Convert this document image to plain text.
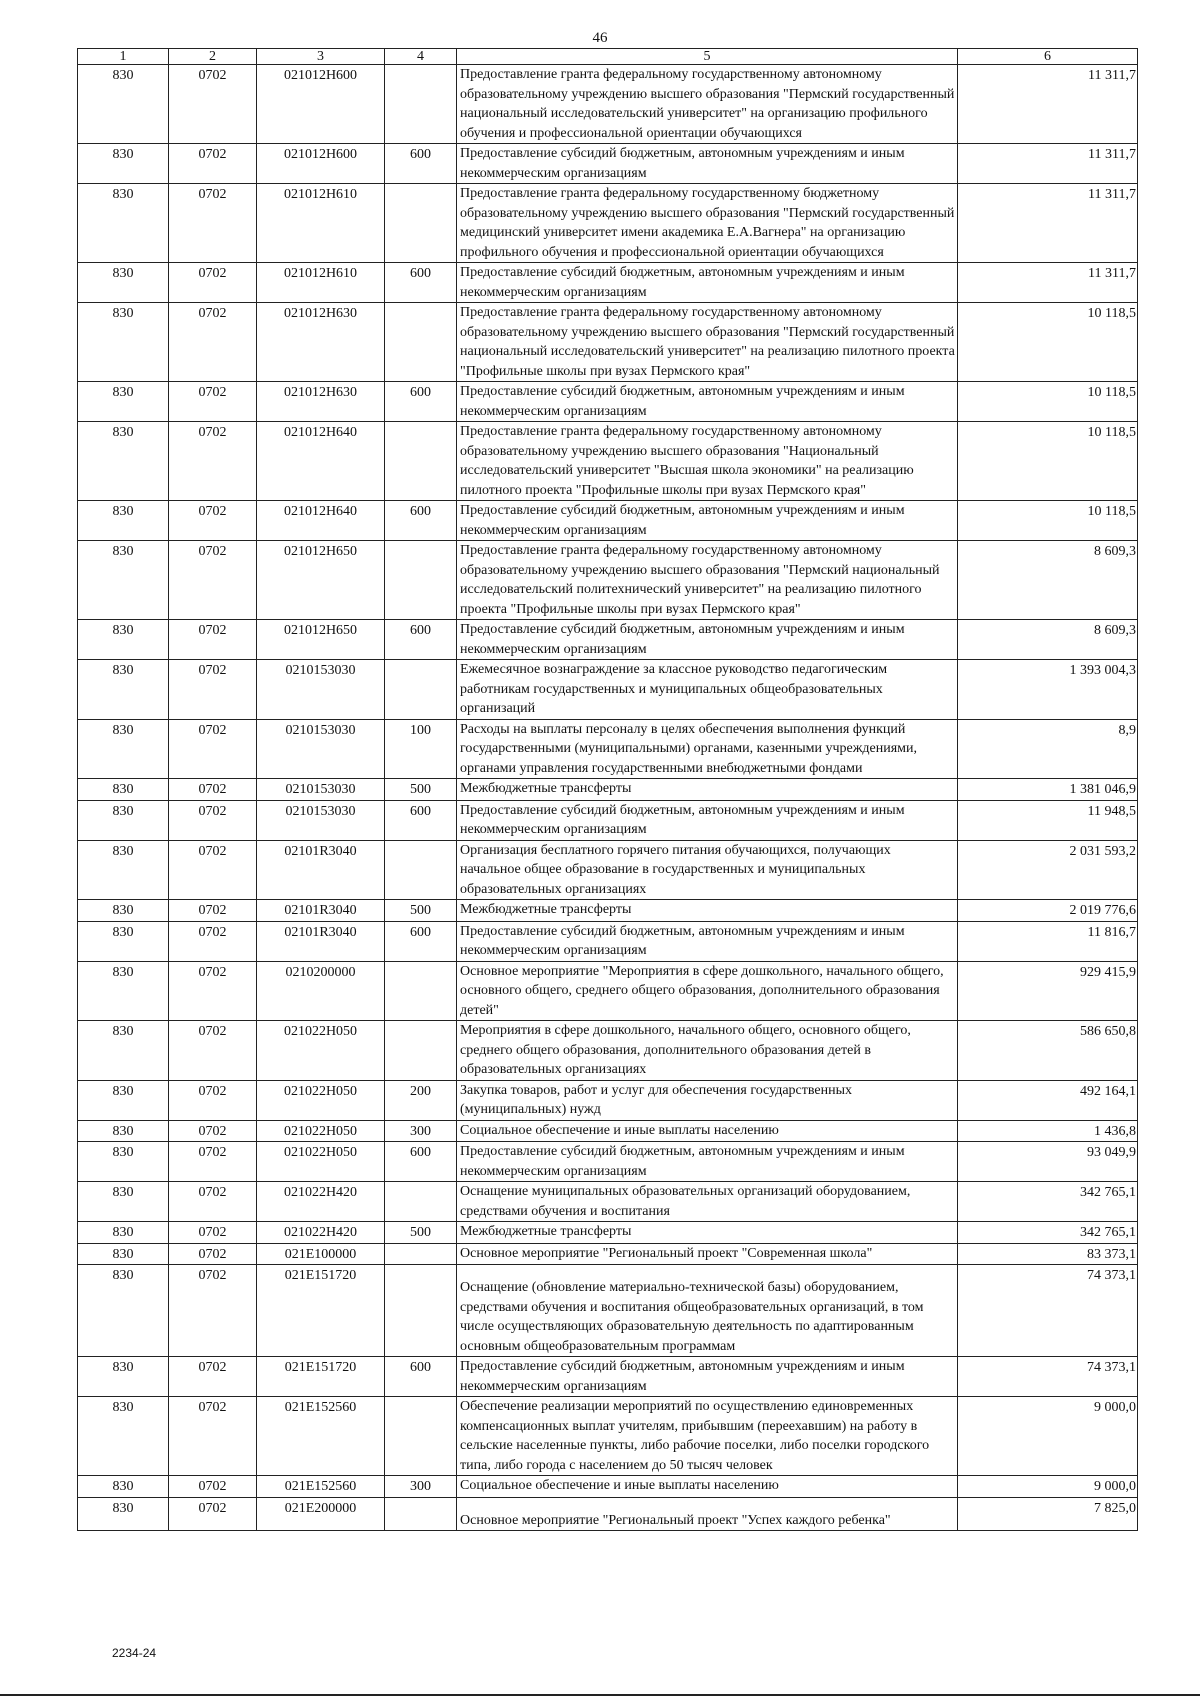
46
1	2	3	4	5	6
830	0702	021012Н600		Предоставление гранта федеральному государственному автономному образовательному учреждению высшего образования "Пермский государственный национальный исследовательский университет" на организацию профильного обучения и профессиональной ориентации обучающихся	11 311,7
830	0702	021012Н600	600	Предоставление субсидий бюджетным, автономным учреждениям и иным некоммерческим организациям	11 311,7
830	0702	021012Н610		Предоставление гранта федеральному государственному бюджетному образовательному учреждению высшего образования "Пермский государственный медицинский университет имени академика Е.А.Вагнера" на организацию профильного обучения и профессиональной ориентации обучающихся	11 311,7
830	0702	021012Н610	600	Предоставление субсидий бюджетным, автономным учреждениям и иным некоммерческим организациям	11 311,7
830	0702	021012Н630		Предоставление гранта федеральному государственному автономному образовательному учреждению высшего образования "Пермский государственный национальный исследовательский университет" на реализацию пилотного проекта "Профильные школы при вузах Пермского края"	10 118,5
830	0702	021012Н630	600	Предоставление субсидий бюджетным, автономным учреждениям и иным некоммерческим организациям	10 118,5
830	0702	021012Н640		Предоставление гранта федеральному государственному автономному образовательному учреждению высшего образования "Национальный исследовательский университет "Высшая школа экономики" на реализацию пилотного проекта "Профильные школы при вузах Пермского края"	10 118,5
830	0702	021012Н640	600	Предоставление субсидий бюджетным, автономным учреждениям и иным некоммерческим организациям	10 118,5
830	0702	021012Н650		Предоставление гранта федеральному государственному автономному образовательному учреждению высшего образования "Пермский национальный исследовательский политехнический университет" на реализацию пилотного проекта "Профильные школы при вузах Пермского края"	8 609,3
830	0702	021012Н650	600	Предоставление субсидий бюджетным, автономным учреждениям и иным некоммерческим организациям	8 609,3
830	0702	0210153030		Ежемесячное вознаграждение за классное руководство педагогическим работникам государственных и муниципальных общеобразовательных организаций	1 393 004,3
830	0702	0210153030	100	Расходы на выплаты персоналу в целях обеспечения выполнения функций государственными (муниципальными) органами, казенными учреждениями, органами управления государственными внебюджетными фондами	8,9
830	0702	0210153030	500	Межбюджетные трансферты	1 381 046,9
830	0702	0210153030	600	Предоставление субсидий бюджетным, автономным учреждениям и иным некоммерческим организациям	11 948,5
830	0702	02101R3040		Организация бесплатного горячего питания обучающихся, получающих начальное общее образование в государственных и муниципальных образовательных организациях	2 031 593,2
830	0702	02101R3040	500	Межбюджетные трансферты	2 019 776,6
830	0702	02101R3040	600	Предоставление субсидий бюджетным, автономным учреждениям и иным некоммерческим организациям	11 816,7
830	0702	0210200000		Основное мероприятие "Мероприятия в сфере дошкольного, начального общего, основного общего, среднего общего образования, дополнительного образования детей"	929 415,9
830	0702	021022Н050		Мероприятия в сфере дошкольного, начального общего, основного общего, среднего общего образования, дополнительного образования детей в образовательных организациях	586 650,8
830	0702	021022Н050	200	Закупка товаров, работ и услуг для обеспечения государственных (муниципальных) нужд	492 164,1
830	0702	021022Н050	300	Социальное обеспечение и иные выплаты населению	1 436,8
830	0702	021022Н050	600	Предоставление субсидий бюджетным, автономным учреждениям и иным некоммерческим организациям	93 049,9
830	0702	021022Н420		Оснащение муниципальных образовательных организаций оборудованием, средствами обучения и воспитания	342 765,1
830	0702	021022Н420	500	Межбюджетные трансферты	342 765,1
830	0702	021E100000		Основное мероприятие "Региональный проект "Современная школа"	83 373,1
830	0702	021E151720		Оснащение (обновление материально-технической базы) оборудованием, средствами обучения и воспитания общеобразовательных организаций, в том числе осуществляющих образовательную деятельность по адаптированным основным общеобразовательным программам	74 373,1
830	0702	021E151720	600	Предоставление субсидий бюджетным, автономным учреждениям и иным некоммерческим организациям	74 373,1
830	0702	021E152560		Обеспечение реализации мероприятий по осуществлению единовременных компенсационных выплат учителям, прибывшим (переехавшим) на работу в сельские населенные пункты, либо рабочие поселки, либо поселки городского типа, либо города с населением до 50 тысяч человек	9 000,0
830	0702	021E152560	300	Социальное обеспечение и иные выплаты населению	9 000,0
830	0702	021E200000		Основное мероприятие "Региональный проект "Успех каждого ребенка"	7 825,0
2234-24
